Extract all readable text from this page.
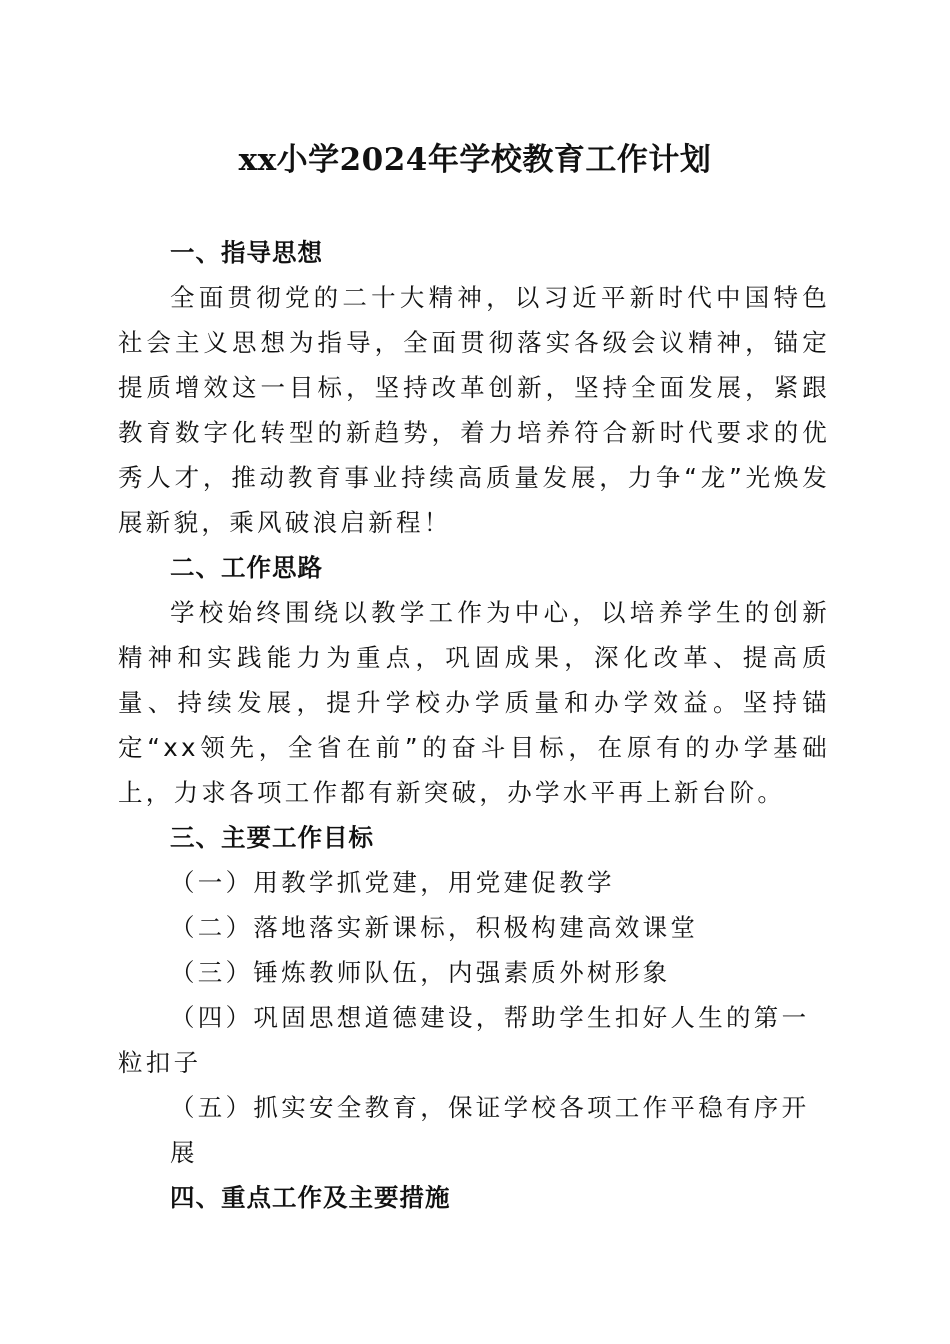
xx小学2024年学校教育工作计划

一、指导思想

全面贯彻党的二十大精神，以习近平新时代中国特色社会主义思想为指导，全面贯彻落实各级会议精神，锚定提质增效这一目标，坚持改革创新，坚持全面发展，紧跟教育数字化转型的新趋势，着力培养符合新时代要求的优秀人才，推动教育事业持续高质量发展，力争“龙”光焕发展新貌，乘风破浪启新程！

二、工作思路

学校始终围绕以教学工作为中心，以培养学生的创新精神和实践能力为重点，巩固成果，深化改革、提高质量、持续发展，提升学校办学质量和办学效益。坚持锚定“xx领先，全省在前”的奋斗目标，在原有的办学基础上，力求各项工作都有新突破，办学水平再上新台阶。

三、主要工作目标

（一）用教学抓党建，用党建促教学

（二）落地落实新课标，积极构建高效课堂

（三）锤炼教师队伍，内强素质外树形象

（四）巩固思想道德建设，帮助学生扣好人生的第一粒扣子

（五）抓实安全教育，保证学校各项工作平稳有序开展

四、重点工作及主要措施
